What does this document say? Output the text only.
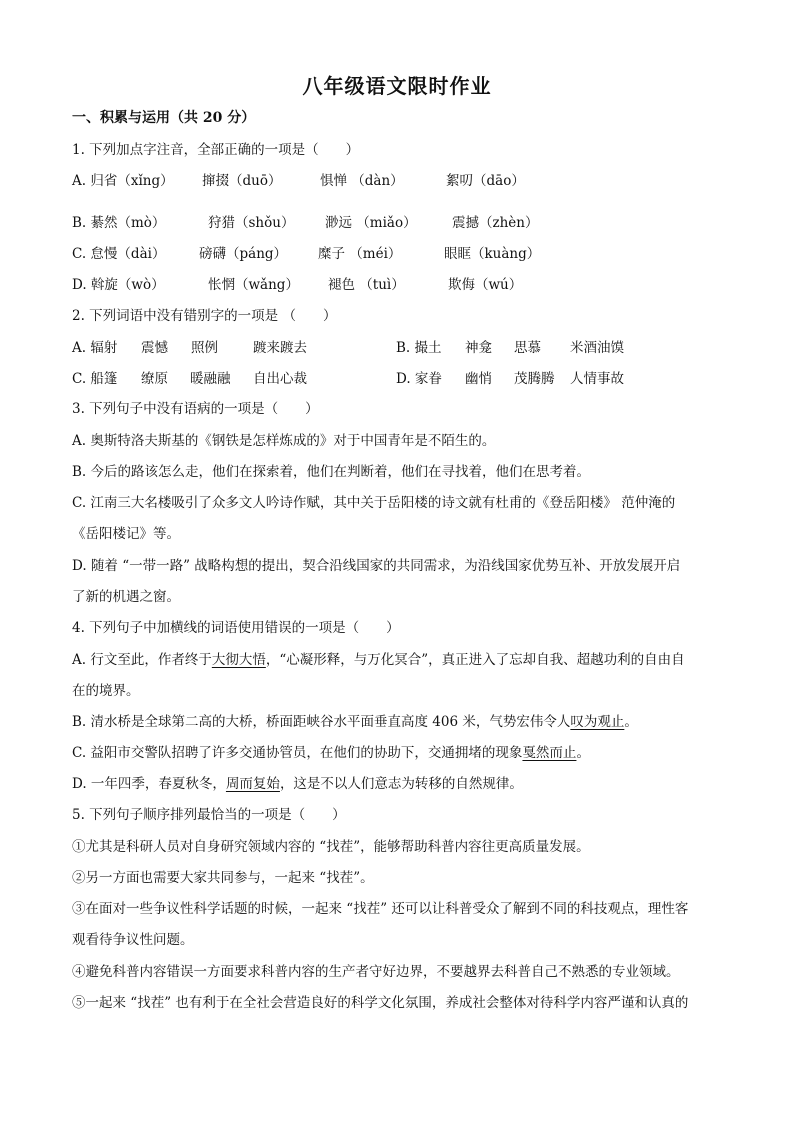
八年级语文限时作业
一、积累与运用（共 20 分）
1. 下列加点字注音，全部正确的一项是（　　）
A. 归省（xǐng） 撺掇（duō）	惧惮 （dàn）	絮叨（dāo）
B. 綦然（mò）	狩猎（shǒu） 渺远 （miǎo）	震撼（zhèn）
C. 怠慢（dài） 磅礴（páng） 糜子 （méi）	眼眶（kuàng）
D. 斡旋（wò）	怅惘（wǎng） 褪色 （tuì）	欺侮（wú）
2. 下列词语中没有错别字的一项是 （　　）
A. 辐射 震憾 照例	踱来踱去	B. 撮土 神龛 思慕 米酒油馍
C. 船篷 缭原 暖融融 自出心裁	D. 家眷 幽悄 茂腾腾 人情事故
3. 下列句子中没有语病的一项是（　　）
A. 奥斯特洛夫斯基的《钢铁是怎样炼成的》对于中国青年是不陌生的。
B. 今后的路该怎么走，他们在探索着，他们在判断着，他们在寻找着，他们在思考着。
C. 江南三大名楼吸引了众多文人吟诗作赋，其中关于岳阳楼的诗文就有杜甫的《登岳阳楼》 范仲淹的
《岳阳楼记》等。
D. 随着 “一带一路” 战略构想的提出，契合沿线国家的共同需求，为沿线国家优势互补、开放发展开启
了新的机遇之窗。
4. 下列句子中加横线的词语使用错误的一项是（　　）
A. 行文至此，作者终于大彻大悟，“心凝形释，与万化冥合”，真正进入了忘却自我、超越功利的自由自
在的境界。
B. 清水桥是全球第二高的大桥，桥面距峡谷水平面垂直高度 406 米，气势宏伟令人叹为观止。
C. 益阳市交警队招聘了许多交通协管员，在他们的协助下，交通拥堵的现象戛然而止。
D. 一年四季，春夏秋冬，周而复始，这是不以人们意志为转移的自然规律。
5. 下列句子顺序排列最恰当的一项是（　　）
①尤其是科研人员对自身研究领域内容的 “找茬”，能够帮助科普内容往更高质量发展。
②另一方面也需要大家共同参与，一起来 “找茬”。
③在面对一些争议性科学话题的时候，一起来 “找茬” 还可以让科普受众了解到不同的科技观点，理性客
观看待争议性问题。
④避免科普内容错误一方面要求科普内容的生产者守好边界，不要越界去科普自己不熟悉的专业领域。
⑤一起来 “找茬” 也有利于在全社会营造良好的科学文化氛围，养成社会整体对待科学内容严谨和认真的
